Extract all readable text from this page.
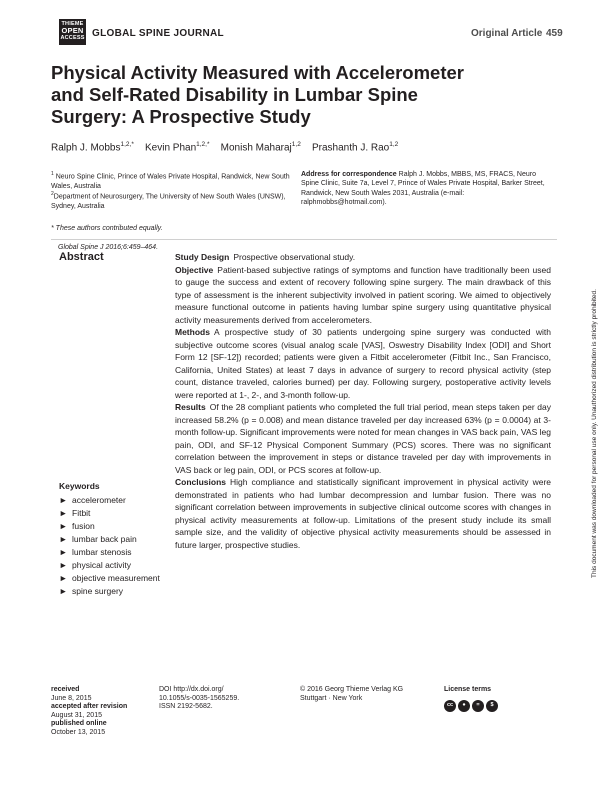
THIEME
OPEN
ACCESS GLOBAL SPINE JOURNAL	Original Article 459
Physical Activity Measured with Accelerometer and Self-Rated Disability in Lumbar Spine Surgery: A Prospective Study
Ralph J. Mobbs$^{1,2,*}$ Kevin Phan$^{1,2,*}$ Monish Maharaj$^{1,2}$ Prashanth J. Rao$^{1,2}$
$^1$ Neuro Spine Clinic, Prince of Wales Private Hospital, Randwick, New South Wales, Australia
$^2$Department of Neurosurgery, The University of New South Wales (UNSW), Sydney, Australia
Address for correspondence Ralph J. Mobbs, MBBS, MS, FRACS, Neuro Spine Clinic, Suite 7a, Level 7, Prince of Wales Private Hospital, Barker Street, Randwick, New South Wales 2031, Australia (e-mail: ralphmobbs@hotmail.com).
* These authors contributed equally.
Global Spine J 2016;6:459–464.
Abstract	Study Design Prospective observational study.

Objective Patient-based subjective ratings of symptoms and function have traditionally been used to gauge the success and extent of recovery following spine surgery. The main drawback of this type of assessment is the inherent subjectivity involved in patient scoring. We aimed to objectively measure functional outcome in patients having lumbar spine surgery using quantitative physical activity measurements derived from accelerometers.

Methods A prospective study of 30 patients undergoing spine surgery was conducted with subjective outcome scores (visual analog scale [VAS], Oswestry Disability Index [ODI] and Short Form 12 [SF-12]) recorded; patients were given a Fitbit accelerometer (Fitbit Inc., San Francisco, California, United States) at least 7 days in advance of surgery to record physical activity (step count, distance traveled, calories burned) per day. Following surgery, postoperative activity levels were reported at 1-, 2-, and 3-month follow-up.

Results Of the 28 compliant patients who completed the full trial period, mean steps taken per day increased 58.2% (p = 0.008) and mean distance traveled per day increased 63% (p = 0.0004) at 3-month follow-up. Significant improvements were noted for mean changes in VAS back pain, VAS leg pain, ODI, and SF-12 Physical Component Summary (PCS) scores. There was no significant correlation between the improvement in steps or distance traveled per day with improvements in VAS back or leg pain, ODI, or PCS scores at follow-up.

Conclusions High compliance and statistically significant improvement in physical activity were demonstrated in patients who had lumbar decompression and lumbar fusion. There was no significant correlation between improvements in subjective clinical outcome scores with changes in physical activity measurements at follow-up. Limitations of the present study include its small sample size, and the validity of objective physical activity measurements should be assessed in future larger, prospective studies.

Keywords
► accelerometer
► Fitbit
► fusion
► lumbar back pain
► lumbar stenosis
► physical activity
► objective measurement
► spine surgery
received
June 8, 2015
accepted after revision
August 31, 2015
published online
October 13, 2015
DOI http://dx.doi.org/
10.1055/s-0035-1565259.
ISSN 2192-5682.
© 2016 Georg Thieme Verlag KG
Stuttgart · New York
License terms
cc	●	=	$
This document was downloaded for personal use only. Unauthorized distribution is strictly prohibited.
